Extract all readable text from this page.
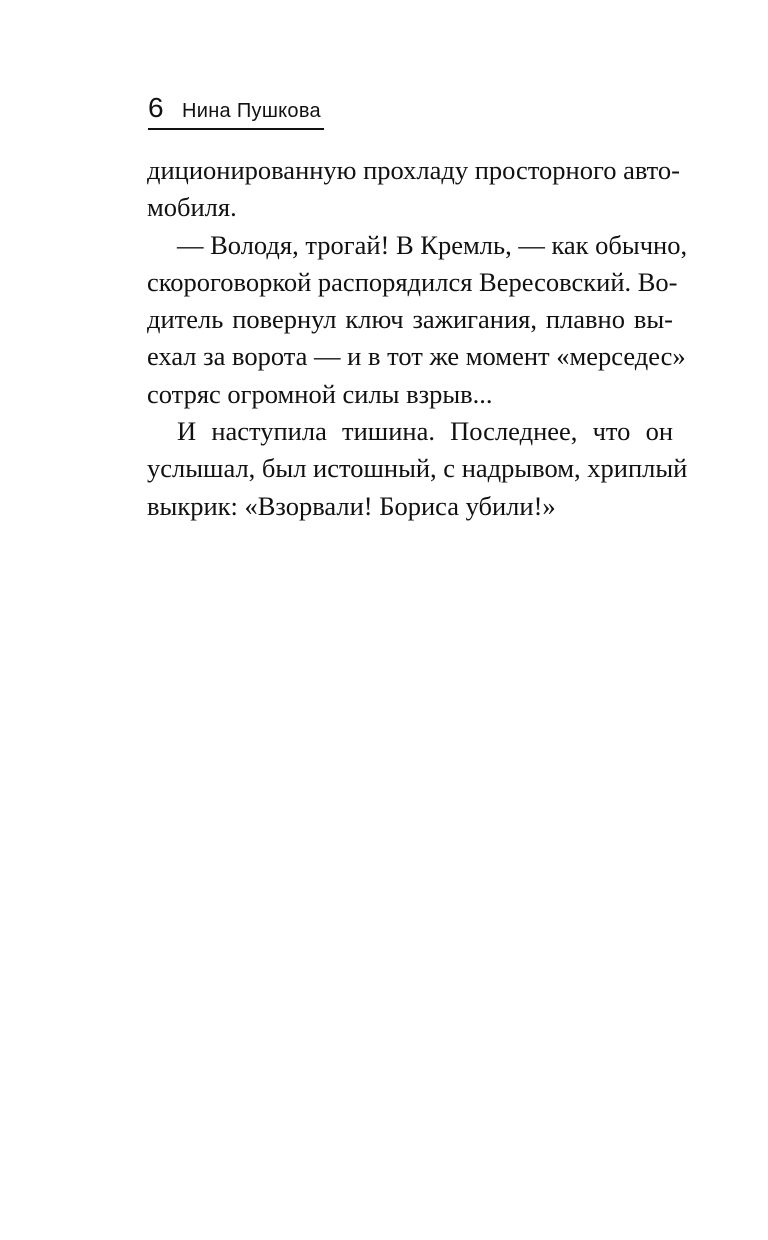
6 Нина Пушкова
диционированную прохладу просторного авто-
мобиля.
— Володя, трогай! В Кремль, — как обычно,
скороговоркой распорядился Вересовский. Во-
дитель повернул ключ зажигания, плавно вы-
ехал за ворота — и в тот же момент «мерседес»
сотряс огромной силы взрыв...
И наступила тишина. Последнее, что он
услышал, был истошный, с надрывом, хриплый
выкрик: «Взорвали! Бориса убили!»
